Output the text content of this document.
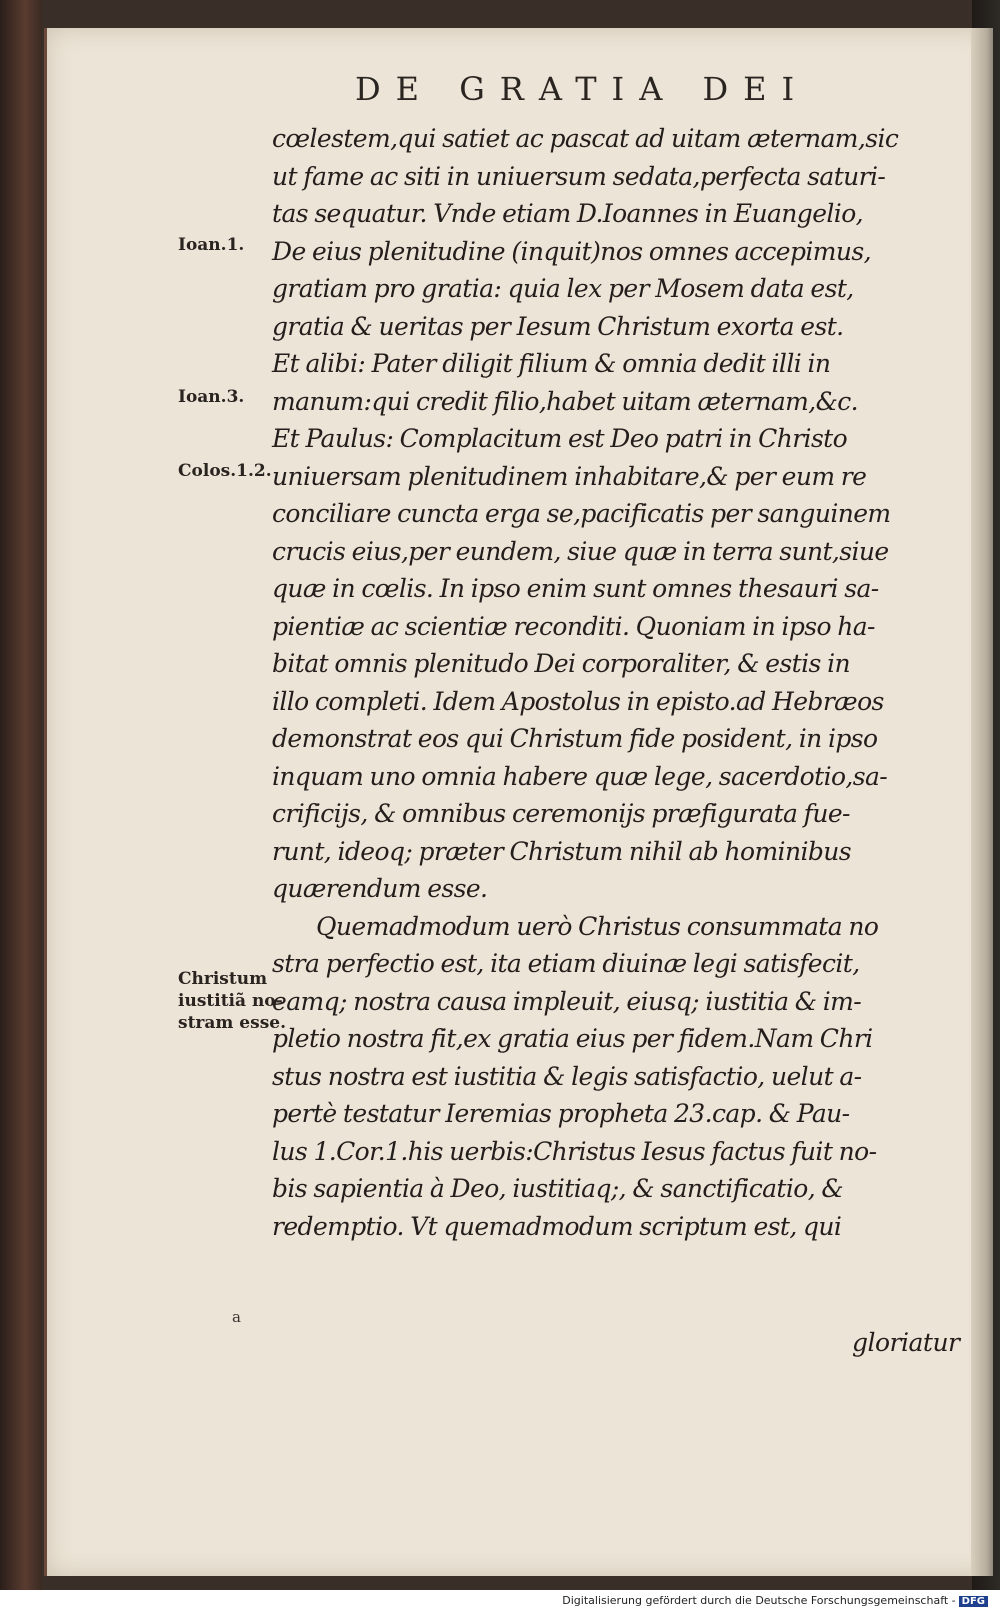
DE GRATIA DEI
cœlestem,qui satiet ac pascat ad uitam æternam,sic
ut fame ac siti in uniuersum sedata,perfecta saturi-
tas sequatur. Vnde etiam D.Ioannes in Euangelio,
De eius plenitudine (inquit)nos omnes accepimus,
gratiam pro gratia: quia lex per Mosem data est,
gratia & ueritas per Iesum Christum exorta est.
Et alibi: Pater diligit filium & omnia dedit illi in
manum:qui credit filio,habet uitam æternam,&c.
Et Paulus: Complacitum est Deo patri in Christo
uniuersam plenitudinem inhabitare,& per eum re
conciliare cuncta erga se,pacificatis per sanguinem
crucis eius,per eundem, siue quæ in terra sunt,siue
quæ in cœlis. In ipso enim sunt omnes thesauri sa-
pientiæ ac scientiæ reconditi. Quoniam in ipso ha-
bitat omnis plenitudo Dei corporaliter, & estis in
illo completi. Idem Apostolus in episto.ad Hebræos
demonstrat eos qui Christum fide posident, in ipso
inquam uno omnia habere quæ lege, sacerdotio,sa-
crificijs, & omnibus ceremonijs præfigurata fue-
runt, ideoq; præter Christum nihil ab hominibus
quærendum esse.
Quemadmodum uerò Christus consummata no
stra perfectio est, ita etiam diuinæ legi satisfecit,
eamq; nostra causa impleuit, eiusq; iustitia & im-
pletio nostra fit,ex gratia eius per fidem.Nam Chri
stus nostra est iustitia & legis satisfactio, uelut a-
pertè testatur Ieremias propheta 23.cap. & Pau-
lus 1.Cor.1.his uerbis:Christus Iesus factus fuit no-
bis sapientia à Deo, iustitiaq;, & sanctificatio, &
redemptio. Vt quemadmodum scriptum est, qui
gloriatur
Ioan.1.
Ioan.3.
Colos.1.2.
Christum
iustitiã no-
stram esse.
a
Digitalisierung gefördert durch die Deutsche Forschungsgemeinschaft - DFG
